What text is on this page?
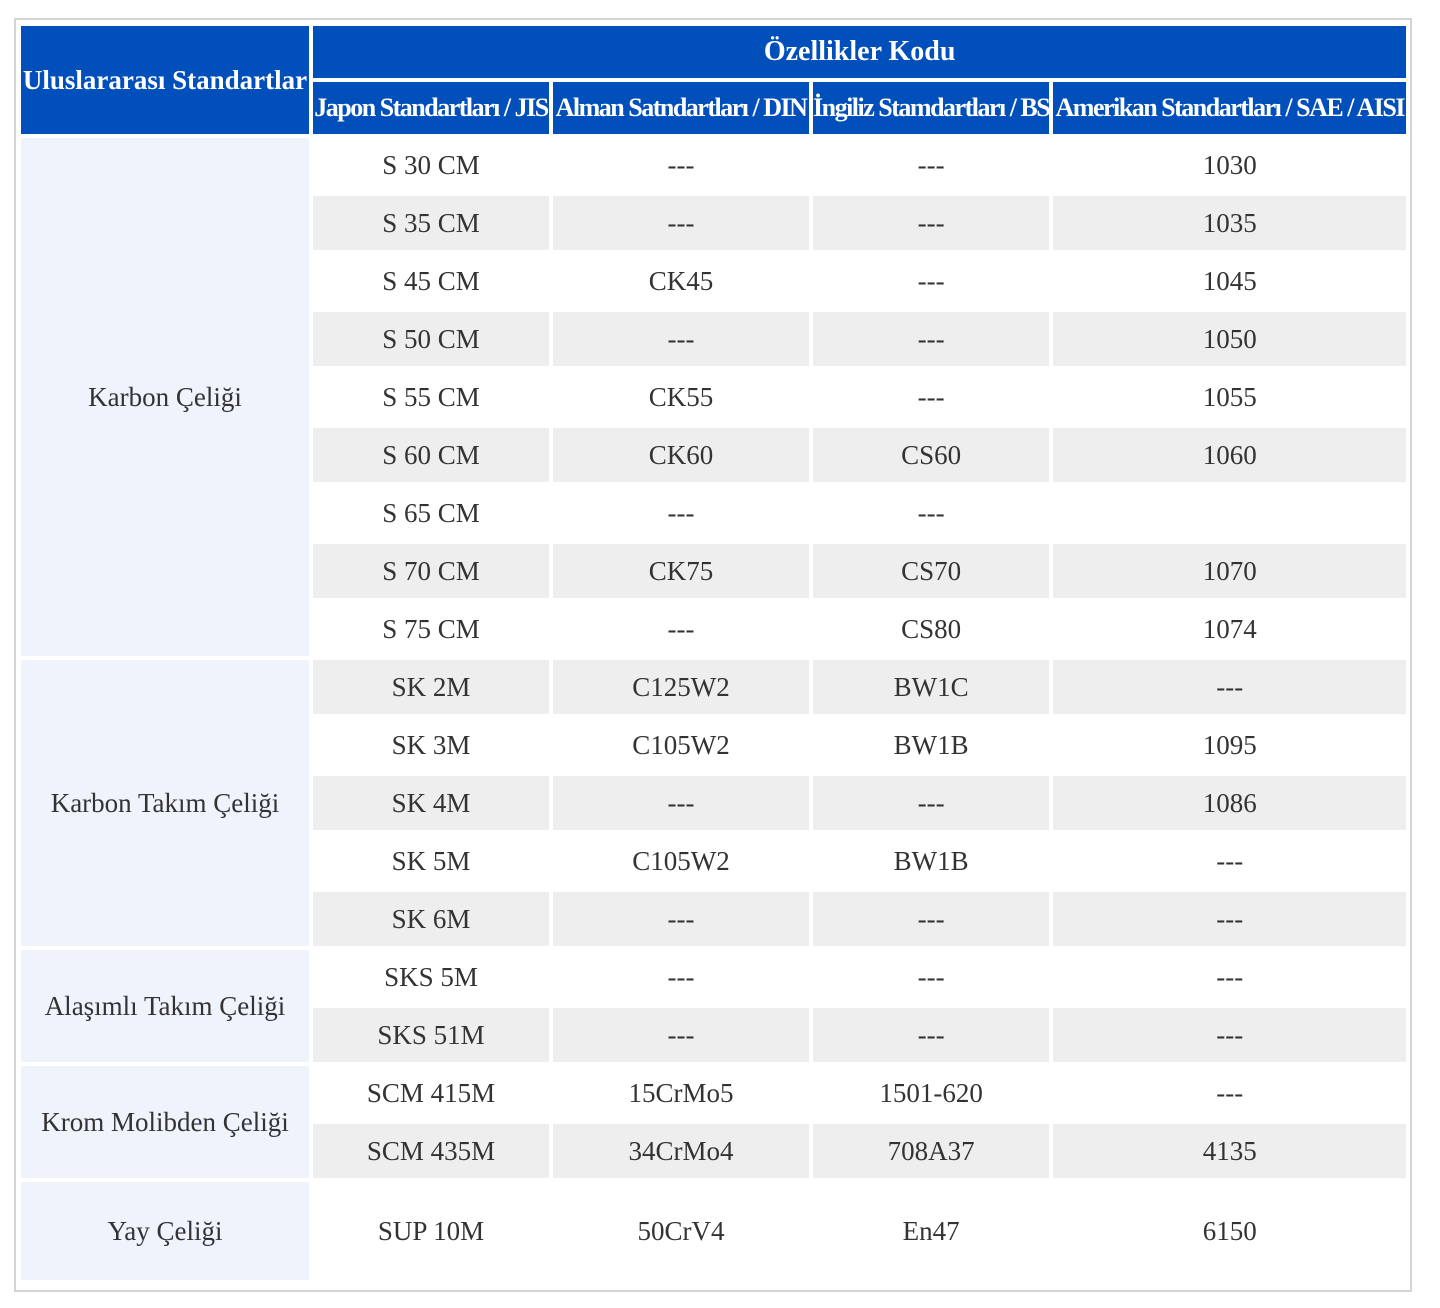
Uluslararası Standartlar	Özellikler Kodu			
	Japon Standartları / JIS	Alman Satndartları / DIN	İngiliz Stamdartları / BS	Amerikan Standartları / SAE / AISI
Karbon Çeliği	S 30 CM	---	---	1030
	S 35 CM	---	---	1035
	S 45 CM	CK45	---	1045
	S 50 CM	---	---	1050
	S 55 CM	CK55	---	1055
	S 60 CM	CK60	CS60	1060
	S 65 CM	---	---	
	S 70 CM	CK75	CS70	1070
	S 75 CM	---	CS80	1074
Karbon Takım Çeliği	SK 2M	C125W2	BW1C	---
	SK 3M	C105W2	BW1B	1095
	SK 4M	---	---	1086
	SK 5M	C105W2	BW1B	---
	SK 6M	---	---	---
Alaşımlı Takım Çeliği	SKS 5M	---	---	---
	SKS 51M	---	---	---
Krom Molibden Çeliği	SCM 415M	15CrMo5	1501-620	---
	SCM 435M	34CrMo4	708A37	4135
Yay Çeliği	SUP 10M	50CrV4	En47	6150
